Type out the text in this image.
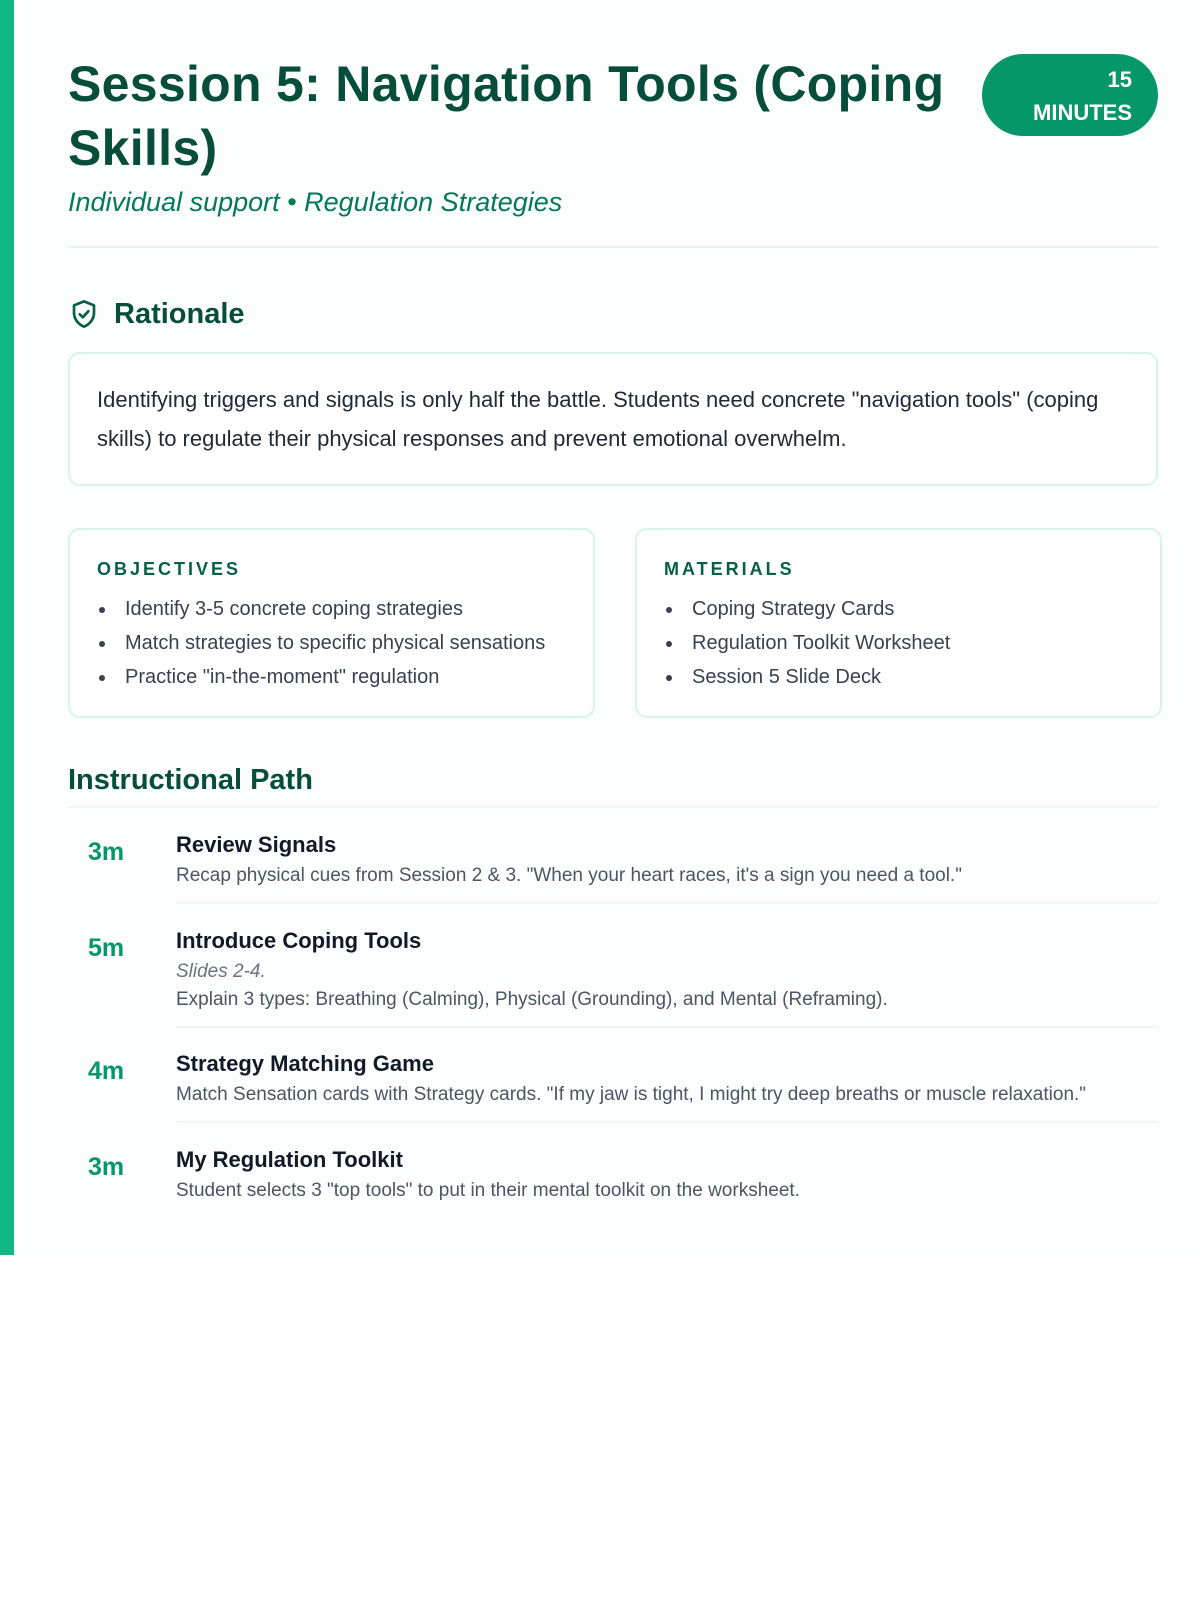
Session 5: Navigation Tools (Coping Skills)
Individual support • Regulation Strategies
15
MINUTES
Rationale

Identifying triggers and signals is only half the battle. Students need concrete "navigation tools" (coping skills) to regulate their physical responses and prevent emotional overwhelm.

OBJECTIVES
Identify 3-5 concrete coping strategies
Match strategies to specific physical sensations
Practice "in-the-moment" regulation
MATERIALS
Coping Strategy Cards
Regulation Toolkit Worksheet
Session 5 Slide Deck
Instructional Path
3m Review Signals
Recap physical cues from Session 2 & 3. "When your heart races, it's a sign you need a tool."
5m Introduce Coping Tools
Slides 2-4.
Explain 3 types: Breathing (Calming), Physical (Grounding), and Mental (Reframing).
4m Strategy Matching Game
Match Sensation cards with Strategy cards. "If my jaw is tight, I might try deep breaths or muscle relaxation."
3m My Regulation Toolkit
Student selects 3 "top tools" to put in their mental toolkit on the worksheet.
